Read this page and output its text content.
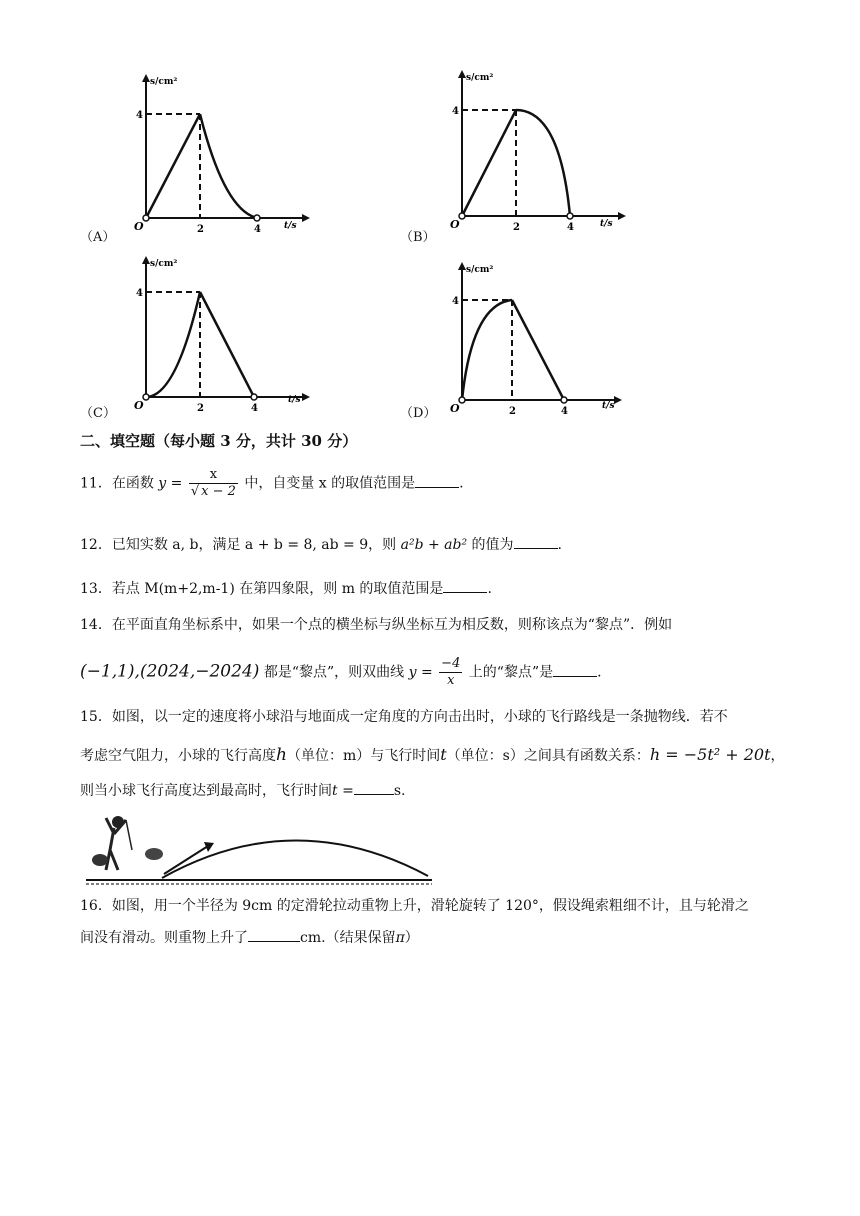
s/cm²
t/s
O
4
2	4
（A）
s/cm²
t/s
O
4
2	4
（B）
s/cm²
t/s
O
4
2	4
（C）
s/cm²
t/s
O
4
2	4
（D）
二、填空题（每小题 3 分，共计 30 分）
11．在函数 $y = \frac{x}{√ x - 2}$ 中，自变量 x 的取值范围是	.
12．已知实数 a, b，满足 a + b = 8, ab = 9，则 a²b + ab² 的值为	.
13．若点 M(m+2,m-1) 在第四象限，则 m 的取值范围是	.
14．在平面直角坐标系中，如果一个点的横坐标与纵坐标互为相反数，则称该点为“黎点”．例如
(−1,1),(2024,−2024) 都是“黎点”，则双曲线 $y = \frac{-4}{x}$ 上的“黎点”是	.
15．如图，以一定的速度将小球沿与地面成一定角度的方向击出时，小球的飞行路线是一条抛物线．若不
考虑空气阻力，小球的飞行高度h（单位：m）与飞行时间t（单位：s）之间具有函数关系：h = −5t² + 20t，
则当小球飞行高度达到最高时，飞行时间t =	s.
16．如图，用一个半径为 9cm 的定滑轮拉动重物上升，滑轮旋转了 120°，假设绳索粗细不计，且与轮滑之
间没有滑动。则重物上升了	cm.（结果保留π）
